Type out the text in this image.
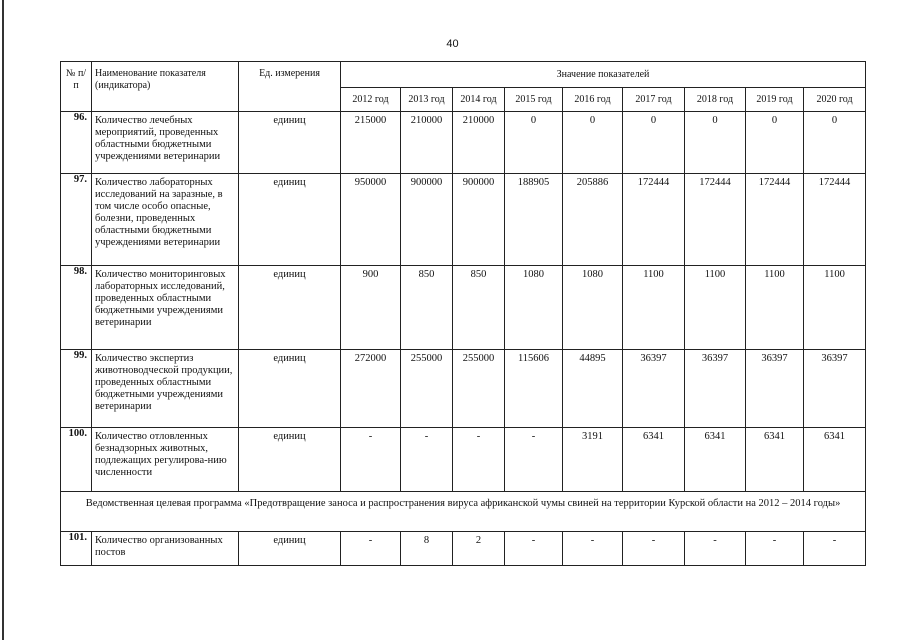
40
№ п/п	Наименование показателя (индикатора)	Ед. измерения	Значение показателей								
			2012 год	2013 год	2014 год	2015 год	2016 год	2017 год	2018 год	2019 год	2020 год
96.	Количество лечебных мероприятий, проведенных областными бюджетными учреждениями ветеринарии	единиц	215000	210000	210000	0	0	0	0	0	0
97.	Количество лабораторных исследований на заразные, в том числе особо опасные, болезни, проведенных областными бюджетными учреждениями ветеринарии	единиц	950000	900000	900000	188905	205886	172444	172444	172444	172444
98.	Количество мониторинговых лабораторных исследований, проведенных областными бюджетными учреждениями ветеринарии	единиц	900	850	850	1080	1080	1100	1100	1100	1100
99.	Количество экспертиз животноводческой продукции, проведенных областными бюджетными учреждениями ветеринарии	единиц	272000	255000	255000	115606	44895	36397	36397	36397	36397
100.	Количество отловленных безнадзорных животных, подлежащих регулирова-нию численности	единиц	-	-	-	-	3191	6341	6341	6341	6341
Ведомственная целевая программа «Предотвращение заноса и распространения вируса африканской чумы свиней на территории Курской области на 2012 – 2014 годы»											
101.	Количество организованных постов	единиц	-	8	2	-	-	-	-	-	-
